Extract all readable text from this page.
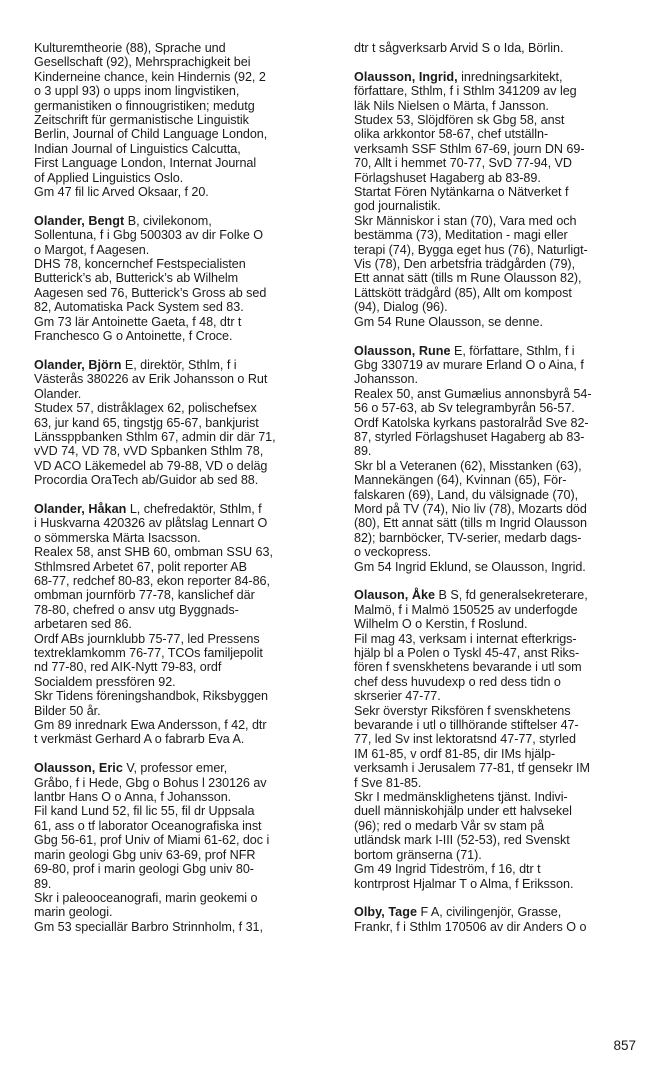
Kulturemtheorie (88), Sprache und
Gesellschaft (92), Mehrsprachigkeit bei
Kinderneine chance, kein Hindernis (92, 2
o 3 uppl 93) o upps inom lingvistiken,
germanistiken o finnougristiken; medutg
Zeitschrift für germanistische Linguistik
Berlin, Journal of Child Language London,
Indian Journal of Linguistics Calcutta,
First Language London, Internat Journal
of Applied Linguistics Oslo.

Gm 47 fil lic Arved Oksaar, f 20.

Olander, Bengt B, civilekonom,
Sollentuna, f i Gbg 500303 av dir Folke O
o Margot, f Aagesen.

DHS 78, koncernchef Festspecialisten
Butterick’s ab, Butterick’s ab Wilhelm
Aagesen sed 76, Butterick’s Gross ab sed
82, Automatiska Pack System sed 83.

Gm 73 lär Antoinette Gaeta, f 48, dtr t
Franchesco G o Antoinette, f Croce.

Olander, Björn E, direktör, Sthlm, f i
Västerås 380226 av Erik Johansson o Rut
Olander.

Studex 57, distråklagex 62, polischefsex
63, jur kand 65, tingstjg 65-67, bankjurist
Länssppbanken Sthlm 67, admin dir där 71,
vVD 74, VD 78, vVD Spbanken Sthlm 78,
VD ACO Läkemedel ab 79-88, VD o deläg
Procordia OraTech ab/Guidor ab sed 88.

Olander, Håkan L, chefredaktör, Sthlm, f
i Huskvarna 420326 av plåtslag Lennart O
o sömmerska Märta Isacsson.

Realex 58, anst SHB 60, ombman SSU 63,
Sthlmsred Arbetet 67, polit reporter AB
68-77, redchef 80-83, ekon reporter 84-86,
ombman journförb 77-78, kanslichef där
78-80, chefred o ansv utg Byggnads-
arbetaren sed 86.

Ordf ABs journklubb 75-77, led Pressens
textreklamkomm 76-77, TCOs familjepolit
nd 77-80, red AIK-Nytt 79-83, ordf
Socialdem pressfören 92.

Skr Tidens föreningshandbok, Riksbyggen
Bilder 50 år.

Gm 89 inrednark Ewa Andersson, f 42, dtr
t verkmäst Gerhard A o fabrarb Eva A.

Olausson, Eric V, professor emer,
Gråbo, f i Hede, Gbg o Bohus l 230126 av
lantbr Hans O o Anna, f Johansson.

Fil kand Lund 52, fil lic 55, fil dr Uppsala
61, ass o tf laborator Oceanografiska inst
Gbg 56-61, prof Univ of Miami 61-62, doc i
marin geologi Gbg univ 63-69, prof NFR
69-80, prof i marin geologi Gbg univ 80-
89.

Skr i paleooceanografi, marin geokemi o
marin geologi.

Gm 53 speciallär Barbro Strinnholm, f 31,

dtr t sågverksarb Arvid S o Ida, Börlin.

Olausson, Ingrid, inredningsarkitekt,
författare, Sthlm, f i Sthlm 341209 av leg
läk Nils Nielsen o Märta, f Jansson.

Studex 53, Slöjdfören sk Gbg 58, anst
olika arkkontor 58-67, chef utställn-
verksamh SSF Sthlm 67-69, journ DN 69-
70, Allt i hemmet 70-77, SvD 77-94, VD
Förlagshuset Hagaberg ab 83-89.

Startat Fören Nytänkarna o Nätverket f
god journalistik.

Skr Människor i stan (70), Vara med och
bestämma (73), Meditation - magi eller
terapi (74), Bygga eget hus (76), Naturligt-
Vis (78), Den arbetsfria trädgården (79),
Ett annat sätt (tills m Rune Olausson 82),
Lättskött trädgård (85), Allt om kompost
(94), Dialog (96).

Gm 54 Rune Olausson, se denne.

Olausson, Rune E, författare, Sthlm, f i
Gbg 330719 av murare Erland O o Aina, f
Johansson.

Realex 50, anst Gumælius annonsbyrå 54-
56 o 57-63, ab Sv telegrambyrån 56-57.
Ordf Katolska kyrkans pastoralråd Sve 82-
87, styrled Förlagshuset Hagaberg ab 83-
89.

Skr bl a Veteranen (62), Misstanken (63),
Mannekängen (64), Kvinnan (65), För-
falskaren (69), Land, du välsignade (70),
Mord på TV (74), Nio liv (78), Mozarts död
(80), Ett annat sätt (tills m Ingrid Olausson
82); barnböcker, TV-serier, medarb dags-
o veckopress.

Gm 54 Ingrid Eklund, se Olausson, Ingrid.

Olauson, Åke B S, fd generalsekreterare,
Malmö, f i Malmö 150525 av underfogde
Wilhelm O o Kerstin, f Roslund.

Fil mag 43, verksam i internat efterkrigs-
hjälp bl a Polen o Tyskl 45-47, anst Riks-
fören f svenskhetens bevarande i utl som
chef dess huvudexp o red dess tidn o
skrserier 47-77.

Sekr överstyr Riksfören f svenskhetens
bevarande i utl o tillhörande stiftelser 47-
77, led Sv inst lektoratsnd 47-77, styrled
IM 61-85, v ordf 81-85, dir IMs hjälp-
verksamh i Jerusalem 77-81, tf gensekr IM
f Sve 81-85.

Skr I medmänsklighetens tjänst. Indivi-
duell människohjälp under ett halvsekel
(96); red o medarb Vår sv stam på
utländsk mark I-III (52-53), red Svenskt
bortom gränserna (71).

Gm 49 Ingrid Tideström, f 16, dtr t
kontrprost Hjalmar T o Alma, f Eriksson.

Olby, Tage F A, civilingenjör, Grasse,
Frankr, f i Sthlm 170506 av dir Anders O o

857
